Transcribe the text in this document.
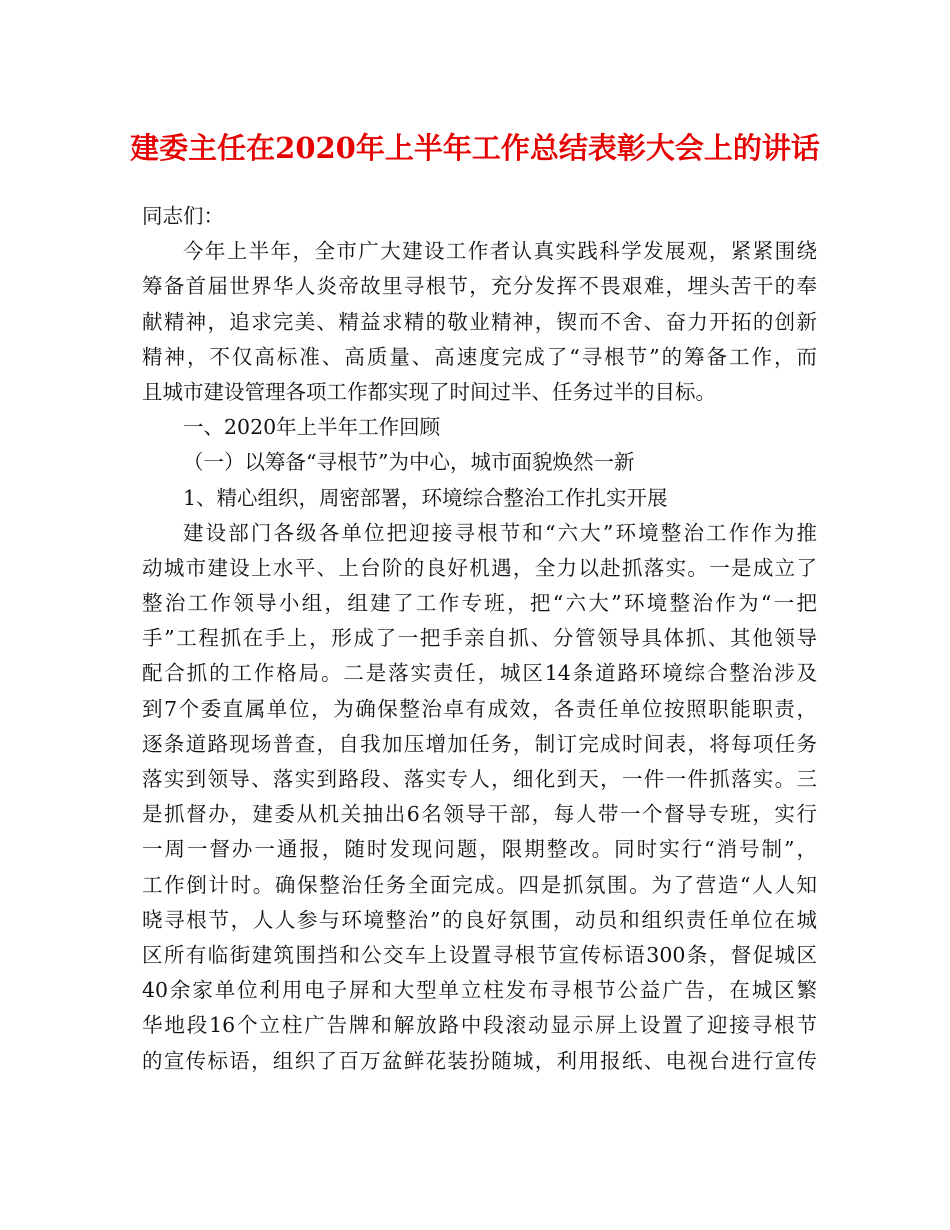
建委主任在2020年上半年工作总结表彰大会上的讲话
同志们：
今年上半年，全市广大建设工作者认真实践科学发展观，紧紧围绕
筹备首届世界华人炎帝故里寻根节，充分发挥不畏艰难，埋头苦干的奉
献精神，追求完美、精益求精的敬业精神，锲而不舍、奋力开拓的创新
精神，不仅高标准、高质量、高速度完成了“寻根节”的筹备工作，而
且城市建设管理各项工作都实现了时间过半、任务过半的目标。
一、2020年上半年工作回顾
（一）以筹备“寻根节”为中心，城市面貌焕然一新
1、精心组织，周密部署，环境综合整治工作扎实开展
建设部门各级各单位把迎接寻根节和“六大”环境整治工作作为推
动城市建设上水平、上台阶的良好机遇，全力以赴抓落实。一是成立了
整治工作领导小组，组建了工作专班，把“六大”环境整治作为“一把
手”工程抓在手上，形成了一把手亲自抓、分管领导具体抓、其他领导
配合抓的工作格局。二是落实责任，城区14条道路环境综合整治涉及
到7个委直属单位，为确保整治卓有成效，各责任单位按照职能职责，
逐条道路现场普查，自我加压增加任务，制订完成时间表，将每项任务
落实到领导、落实到路段、落实专人，细化到天，一件一件抓落实。三
是抓督办，建委从机关抽出6名领导干部，每人带一个督导专班，实行
一周一督办一通报，随时发现问题，限期整改。同时实行“消号制”，
工作倒计时。确保整治任务全面完成。四是抓氛围。为了营造“人人知
晓寻根节，人人参与环境整治”的良好氛围，动员和组织责任单位在城
区所有临街建筑围挡和公交车上设置寻根节宣传标语300条，督促城区
40余家单位利用电子屏和大型单立柱发布寻根节公益广告，在城区繁
华地段16个立柱广告牌和解放路中段滚动显示屏上设置了迎接寻根节
的宣传标语，组织了百万盆鲜花装扮随城，利用报纸、电视台进行宣传
